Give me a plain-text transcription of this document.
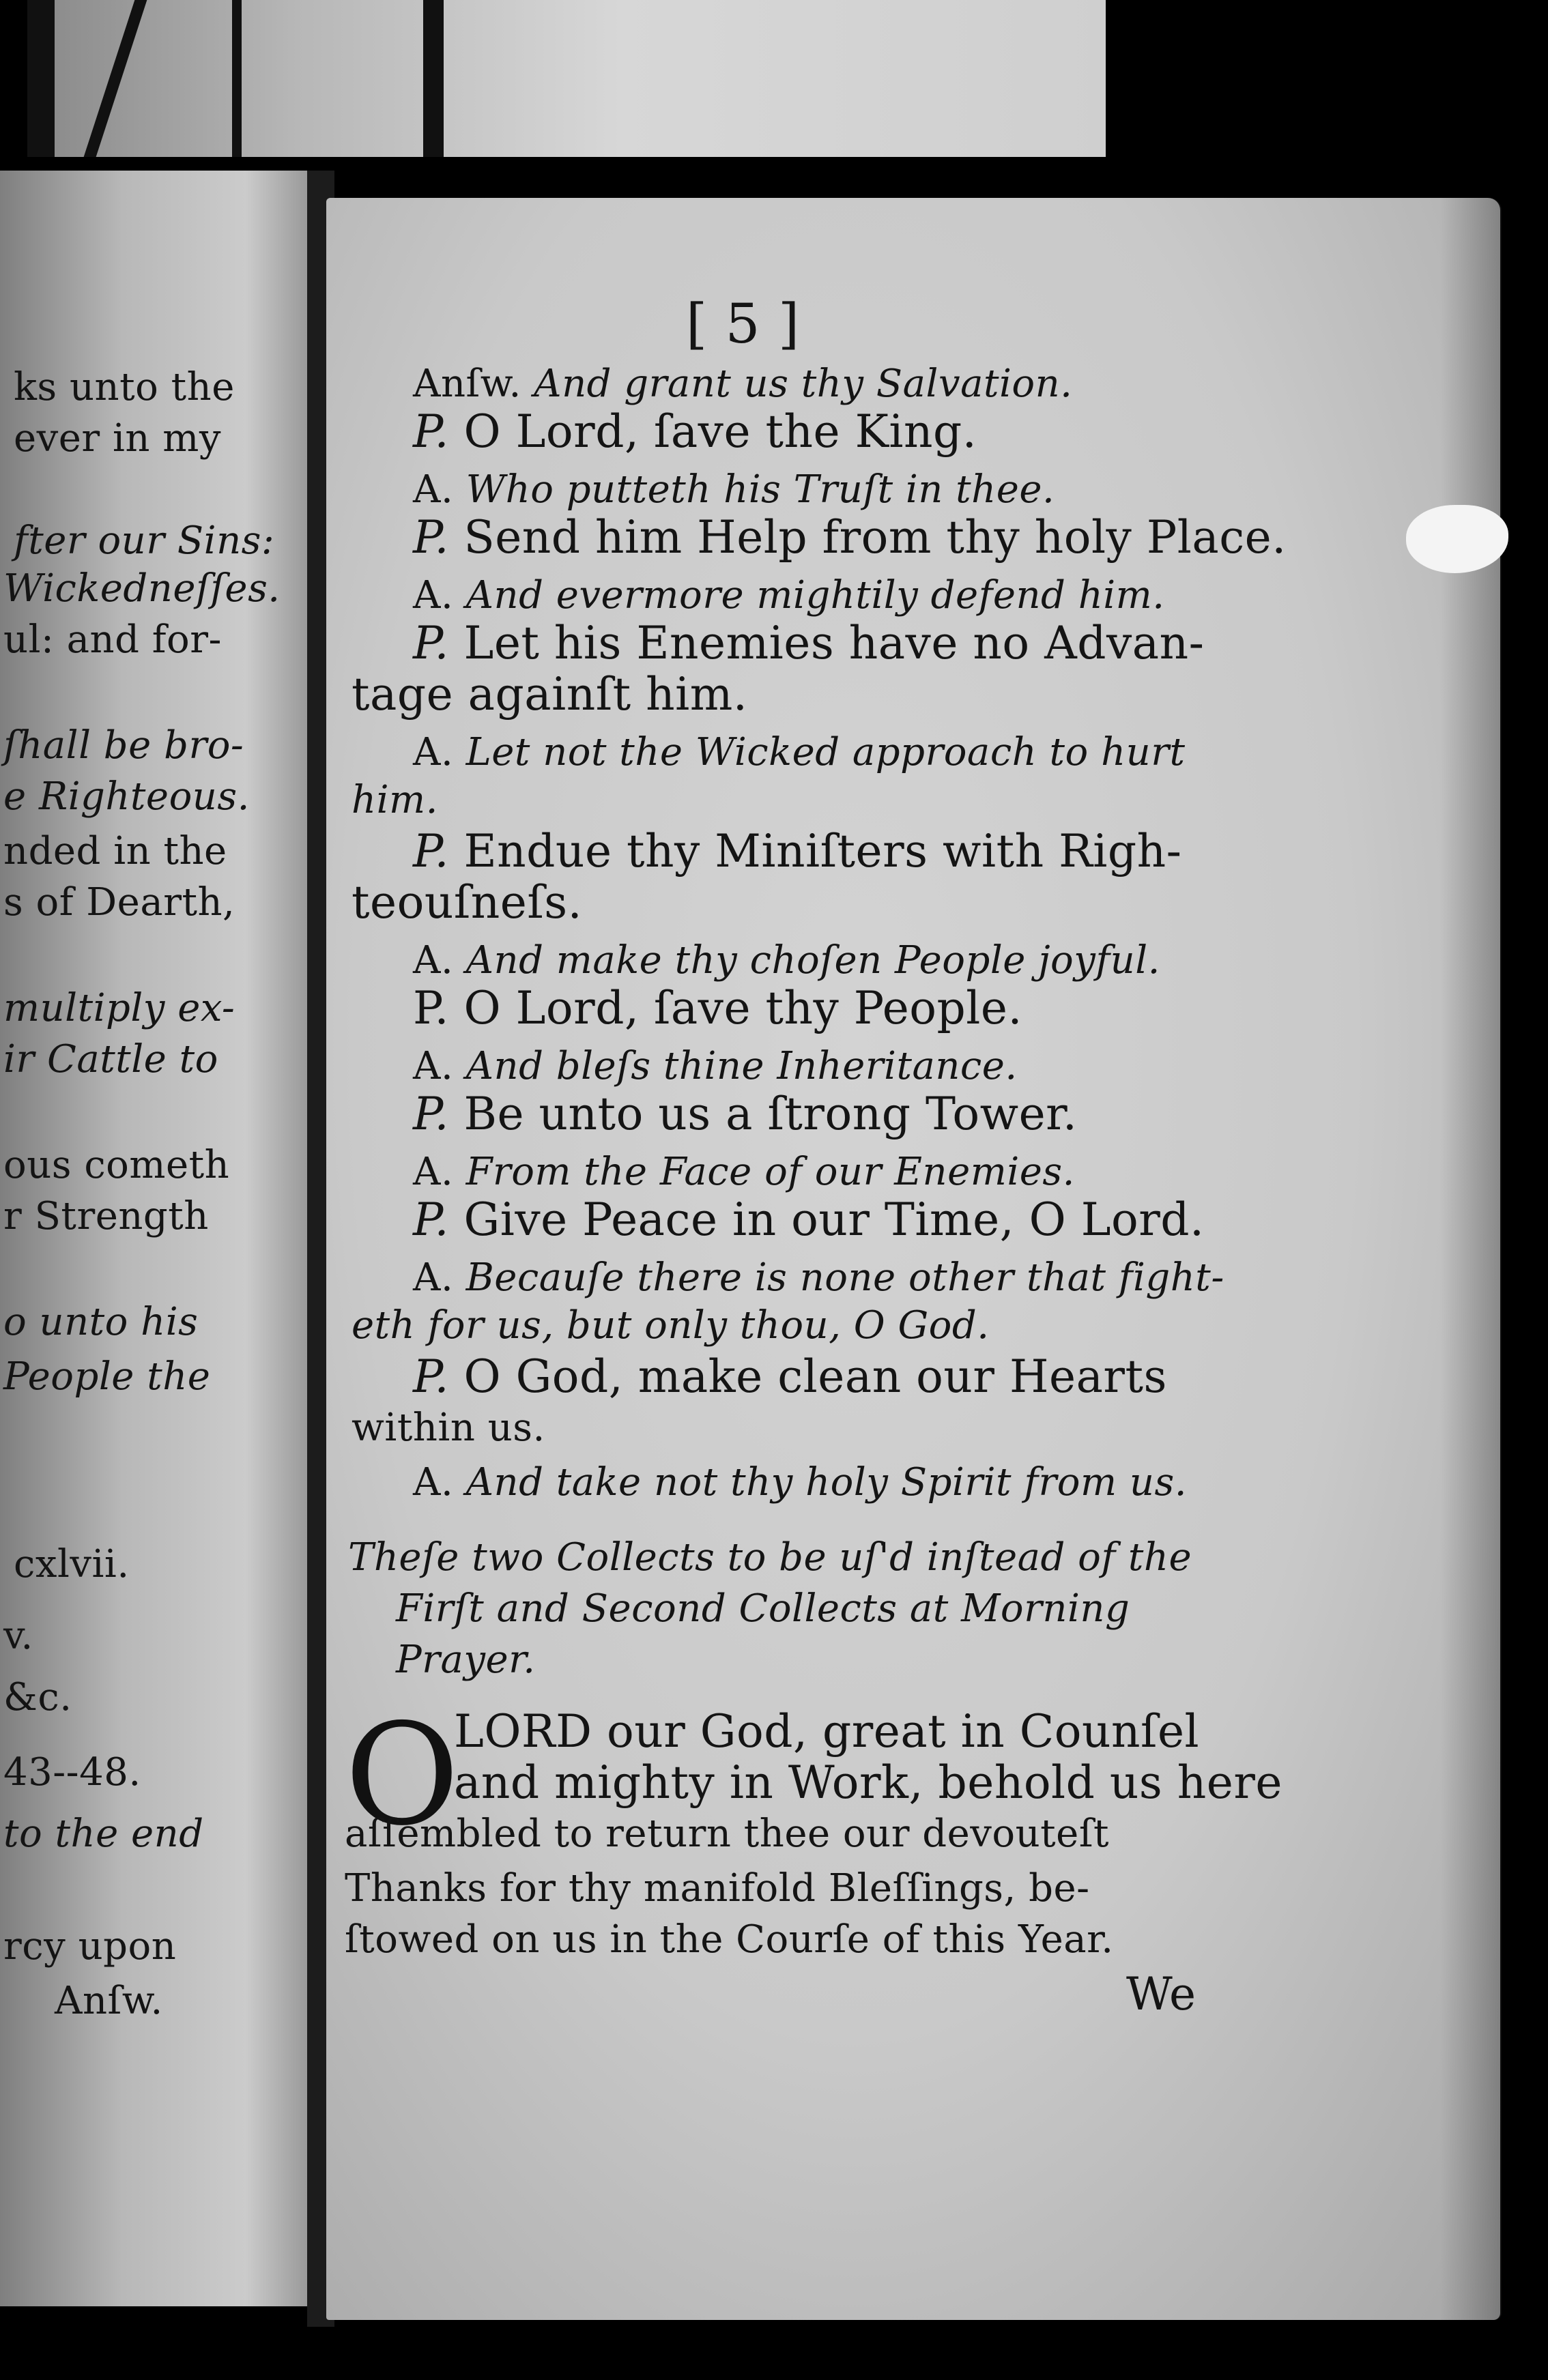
ks unto the
ever in my
fter our Sins:
Wickedneſſes.
ul: and for-
ſhall be bro-
e Righteous.
nded in the
s of Dearth,
multiply ex-
ir Cattle to
ous cometh
r Strength
o unto his
People the
cxlvii.
v.
&c.
43--48.
to the end
rcy upon
Anſw.
[ 5 ]
Anſw. And grant us thy Salvation.
P. O Lord, ſave the King.
A. Who putteth his Truſt in thee.
P. Send him Help from thy holy Place.
A. And evermore mightily defend him.
P. Let his Enemies have no Advan-
tage againſt him.
A. Let not the Wicked approach to hurt
him.
P. Endue thy Miniſters with Righ-
teouſneſs.
A. And make thy choſen People joyful.
P. O Lord, ſave thy People.
A. And bleſs thine Inheritance.
P. Be unto us a ſtrong Tower.
A. From the Face of our Enemies.
P. Give Peace in our Time, O Lord.
A. Becauſe there is none other that fight-
eth for us, but only thou, O God.
P. O God, make clean our Hearts
within us.
A. And take not thy holy Spirit from us.
Theſe two Collects to be uſ'd inſtead of the
Firſt and Second Collects at Morning
Prayer.
O
LORD our God, great in Counſel
and mighty in Work, behold us here
aſſembled to return thee our devouteſt
Thanks for thy manifold Bleſſings, be-
ſtowed on us in the Courſe of this Year.
We
